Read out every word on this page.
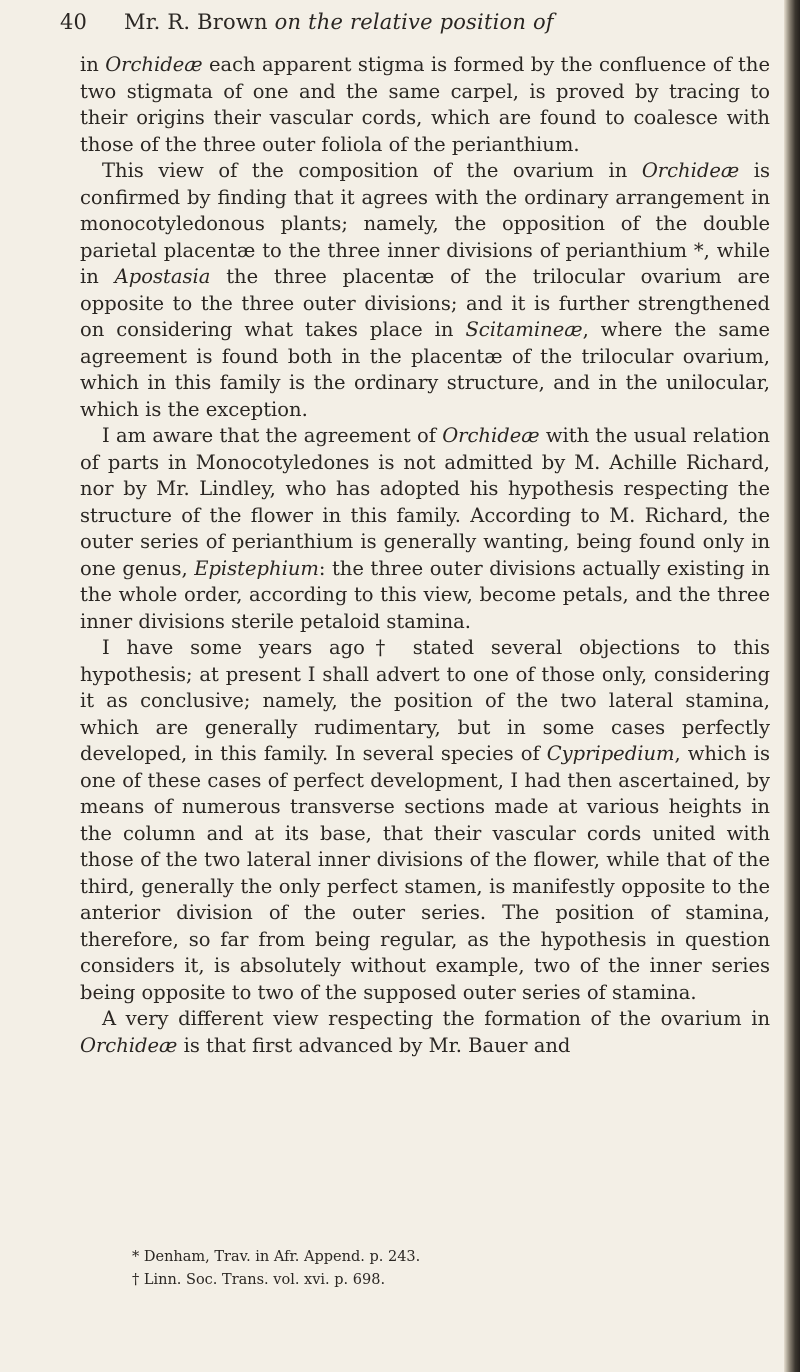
40 Mr. R. Brown on the relative position of

in Orchideæ each apparent stigma is formed by the confluence of the two stigmata of one and the same carpel, is proved by tracing to their origins their vascular cords, which are found to coalesce with those of the three outer foliola of the perianthium.

This view of the composition of the ovarium in Orchideæ is confirmed by finding that it agrees with the ordinary arrangement in monocotyledonous plants; namely, the opposition of the double parietal placentæ to the three inner divisions of perianthium *, while in Apostasia the three placentæ of the trilocular ovarium are opposite to the three outer divisions; and it is further strengthened on considering what takes place in Scitamineæ, where the same agreement is found both in the placentæ of the trilocular ovarium, which in this family is the ordinary structure, and in the unilocular, which is the exception.

I am aware that the agreement of Orchideæ with the usual relation of parts in Monocotyledones is not admitted by M. Achille Richard, nor by Mr. Lindley, who has adopted his hypothesis respecting the structure of the flower in this family. According to M. Richard, the outer series of perianthium is generally wanting, being found only in one genus, Epistephium: the three outer divisions actually existing in the whole order, according to this view, become petals, and the three inner divisions sterile petaloid stamina.

I have some years ago† stated several objections to this hypothesis; at present I shall advert to one of those only, considering it as conclusive; namely, the position of the two lateral stamina, which are generally rudimentary, but in some cases perfectly developed, in this family. In several species of Cypripedium, which is one of these cases of perfect development, I had then ascertained, by means of numerous transverse sections made at various heights in the column and at its base, that their vascular cords united with those of the two lateral inner divisions of the flower, while that of the third, generally the only perfect stamen, is manifestly opposite to the anterior division of the outer series. The position of stamina, therefore, so far from being regular, as the hypothesis in question considers it, is absolutely without example, two of the inner series being opposite to two of the supposed outer series of stamina.

A very different view respecting the formation of the ovarium in Orchideæ is that first advanced by Mr. Bauer and

* Denham, Trav. in Afr. Append. p. 243.

† Linn. Soc. Trans. vol. xvi. p. 698.
